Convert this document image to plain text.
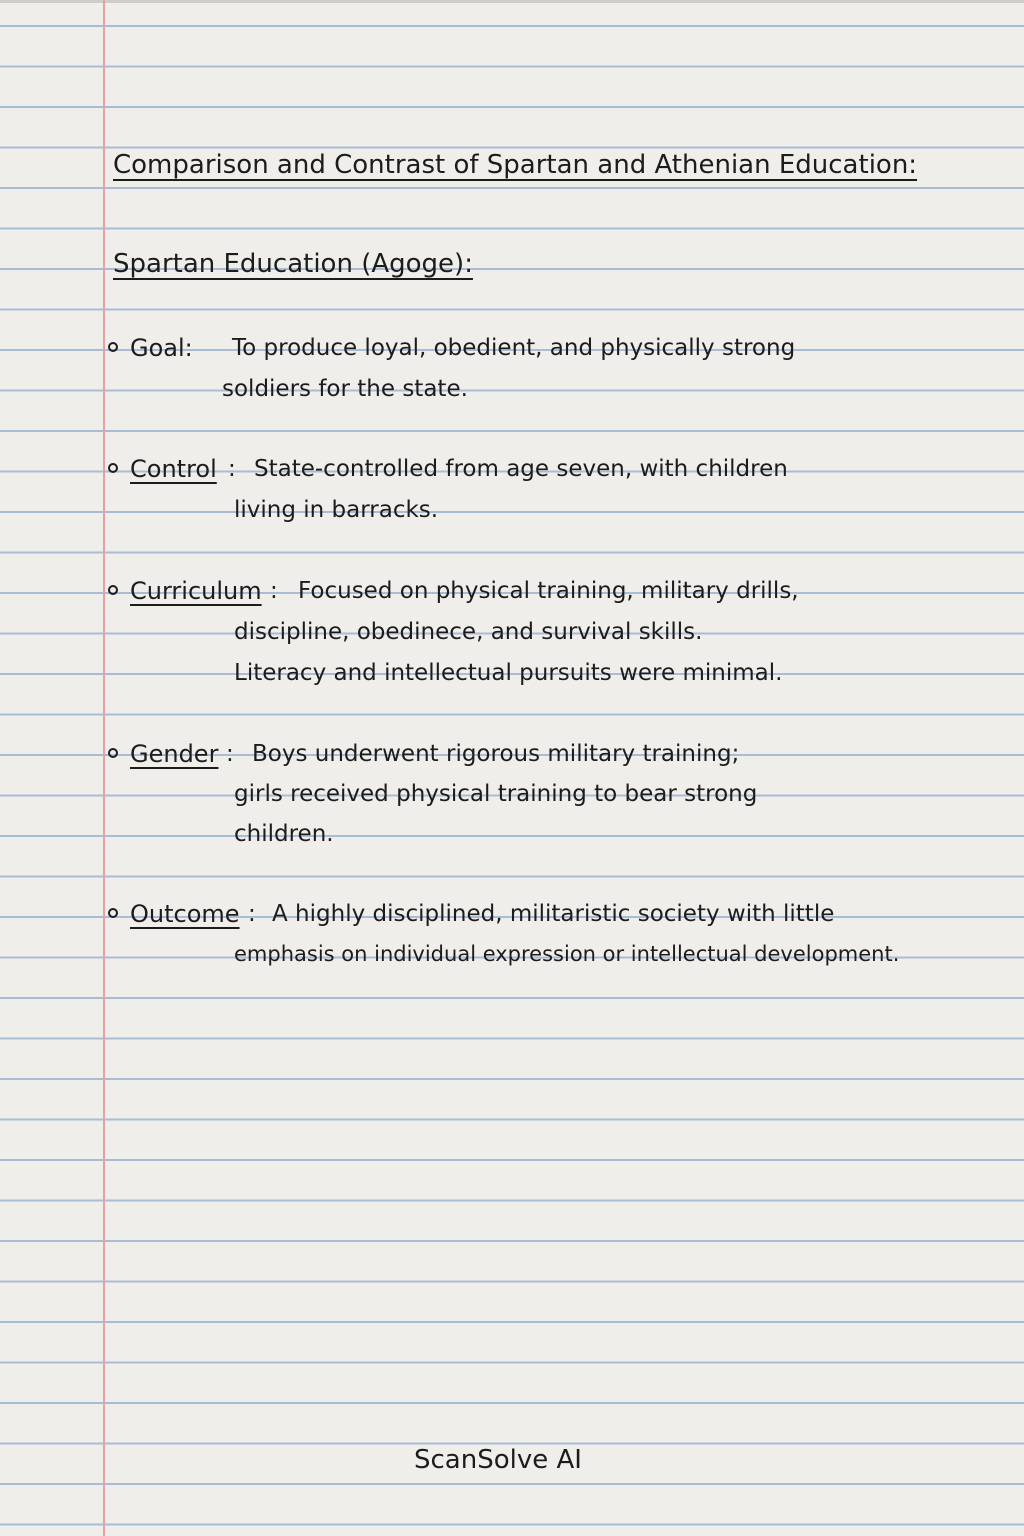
Comparison and Contrast of Spartan and Athenian Education:
Spartan Education (Agoge):
Goal: To produce loyal, obedient, and physically strong
soldiers for the state.
Control : State-controlled from age seven, with children
living in barracks.
Curriculum : Focused on physical training, military drills,
discipline, obedinece, and survival skills.
Literacy and intellectual pursuits were minimal.
Gender : Boys underwent rigorous military training;
girls received physical training to bear strong
children.
Outcome : A highly disciplined, militaristic society with little
emphasis on individual expression or intellectual development.
ScanSolve AI
